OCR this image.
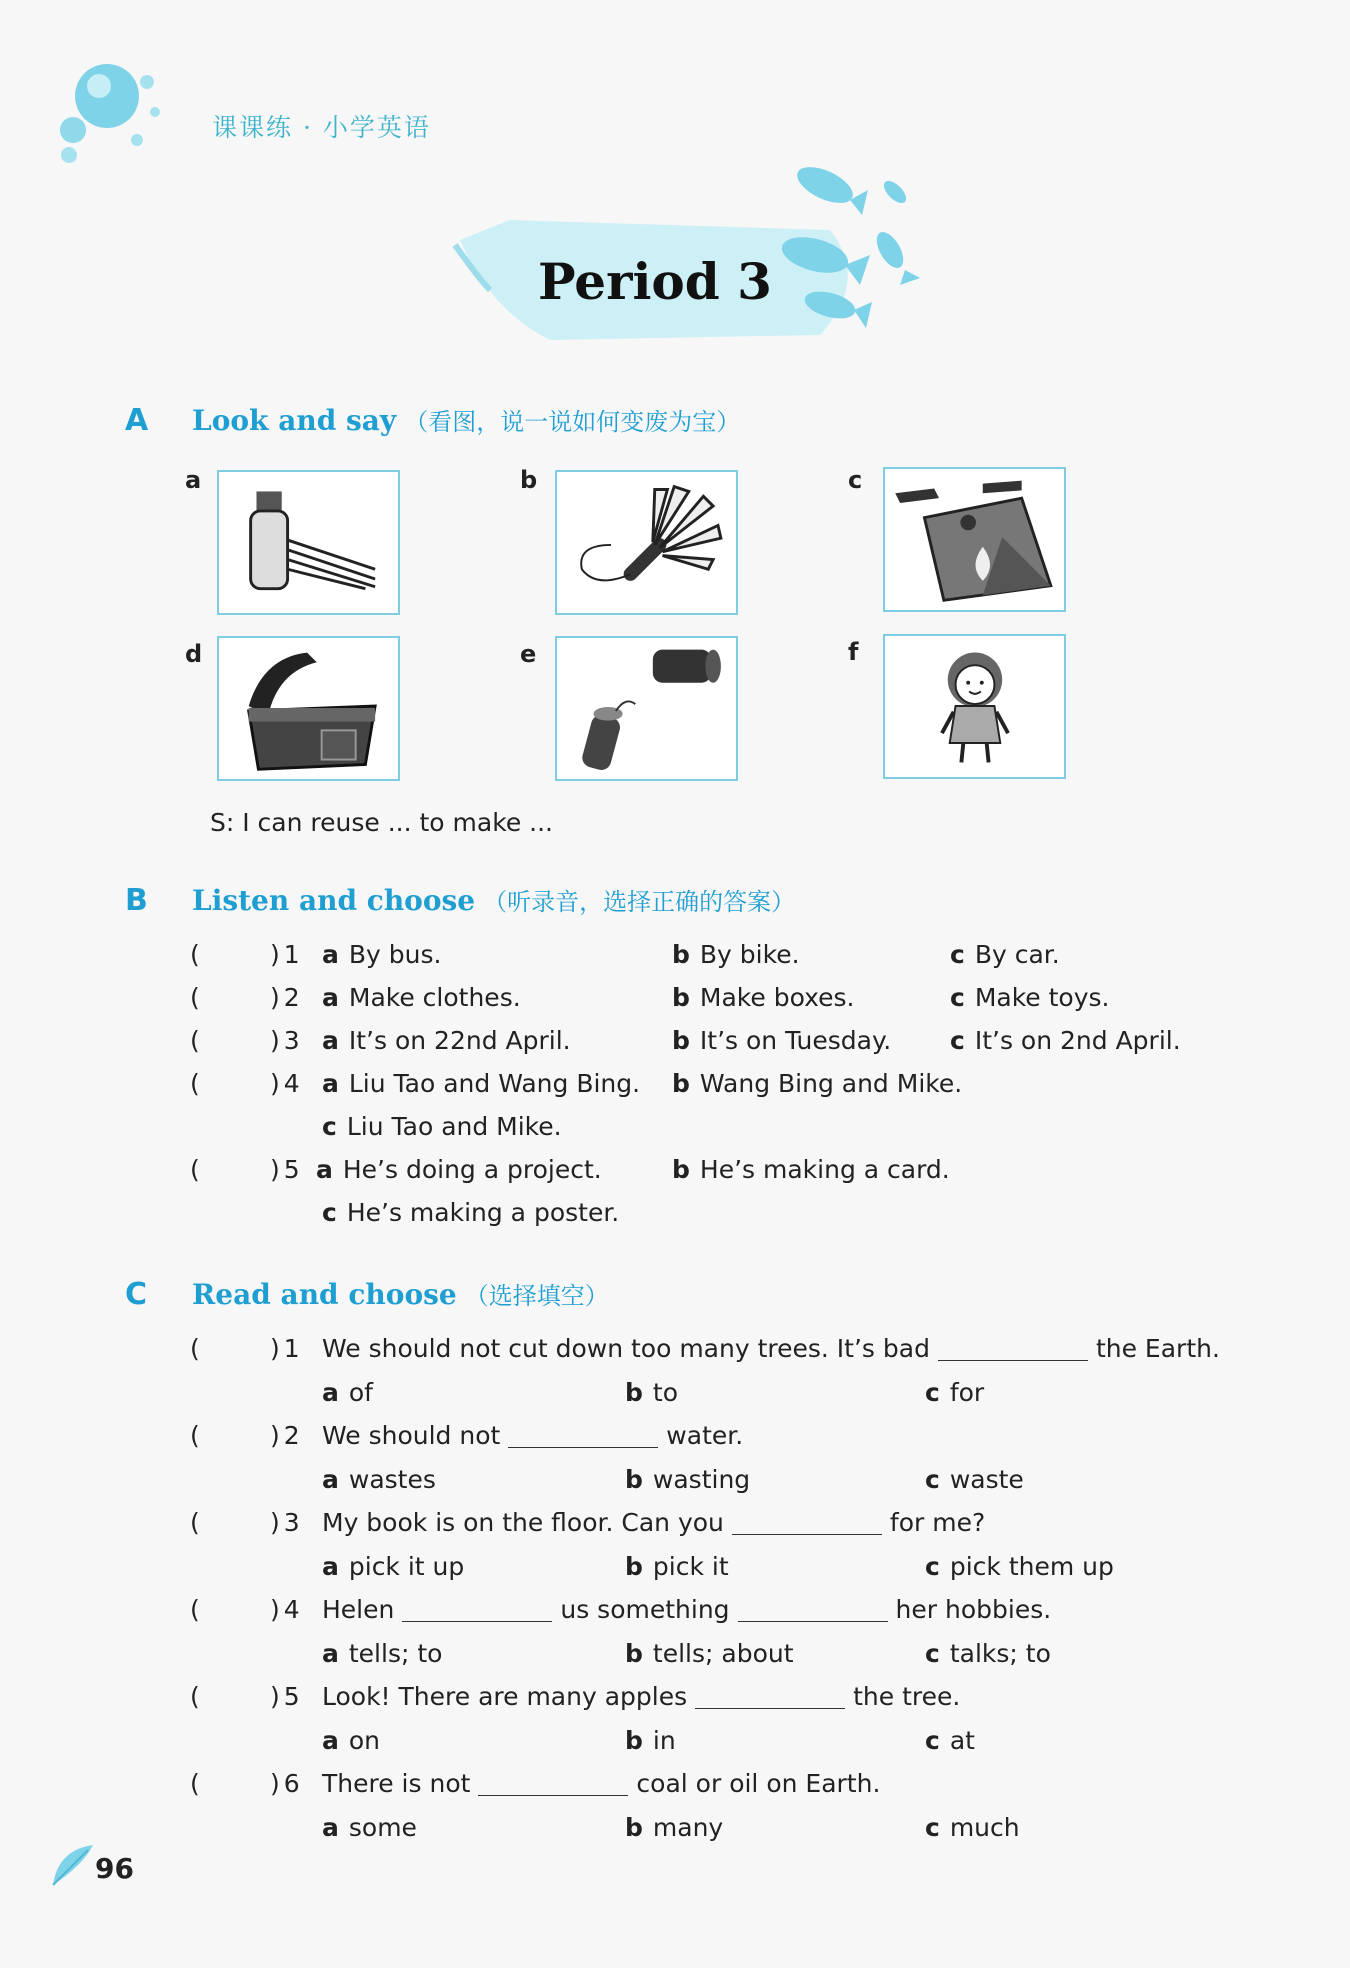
课课练 · 小学英语
Period 3
A	Look and say （看图，说一说如何变废为宝）
a	b	c
d	e	f
S: I can reuse ... to make ...
B	Listen and choose （听录音，选择正确的答案）
(	) 1 a By bus.	b By bike.	c By car.
(	) 2 a Make clothes.	b Make boxes.	c Make toys.
(	) 3 a It’s on 22nd April.	b It’s on Tuesday. c It’s on 2nd April.
(	) 4 a Liu Tao and Wang Bing. b Wang Bing and Mike.
c Liu Tao and Mike.
(	) 5 a He’s doing a project.	b He’s making a card.
c He’s making a poster.
C	Read and choose （选择填空）
(	) 1 We should not cut down too many trees. It’s bad	the Earth.
a of	b to	c for
(	) 2 We should not	water.
a wastes	b wasting	c waste
(	) 3 My book is on the floor. Can you	for me?
a pick it up	b pick it	c pick them up
(	) 4 Helen	us something	her hobbies.
a tells; to	b tells; about	c talks; to
(	) 5 Look! There are many apples	the tree.
a on	b in	c at
(	) 6 There is not	coal or oil on Earth.
a some	b many	c much
96
